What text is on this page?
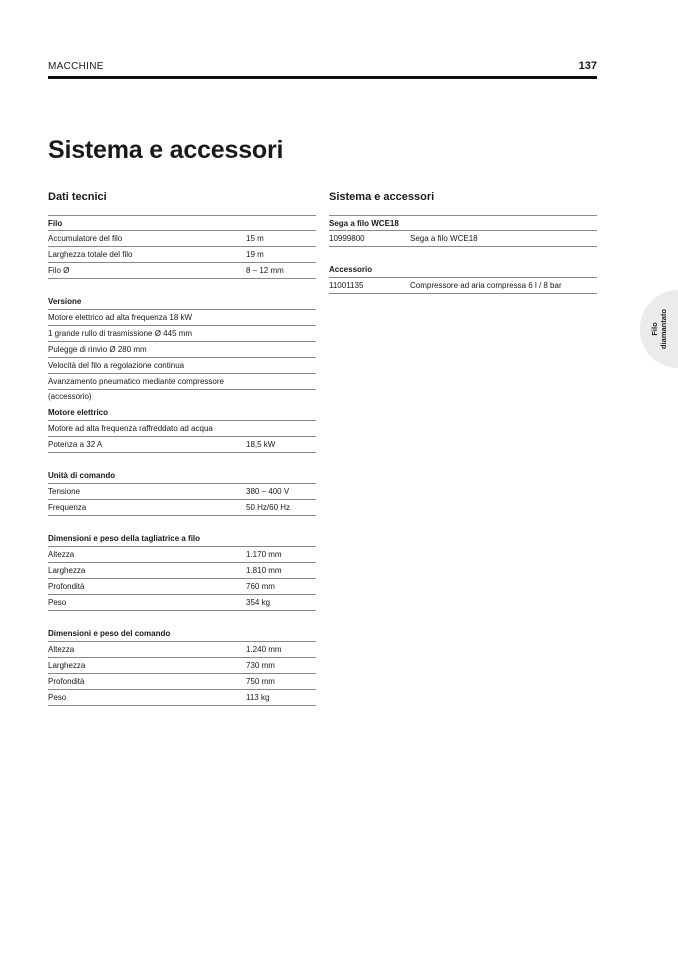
MACCHINE	137
Sistema e accessori
Dati tecnici
Filo
Accumulatore del filo	15 m
Larghezza totale del filo	19 m
Filo Ø	8 – 12 mm
Versione
Motore elettrico ad alta frequenza 18 kW
1 grande rullo di trasmissione Ø 445 mm
Pulegge di rinvio Ø 280 mm
Velocità del filo a regolazione continua
Avanzamento pneumatico mediante compressore (accessorio)
Motore elettrico
Motore ad alta frequenza raffreddato ad acqua
Potenza a 32 A	18,5 kW
Unità di comando
Tensione	380 – 400 V
Frequenza	50 Hz/60 Hz
Dimensioni e peso della tagliatrice a filo
Altezza	1.170 mm
Larghezza	1.810 mm
Profondità	760 mm
Peso	354 kg
Dimensioni e peso del comando
Altezza	1.240 mm
Larghezza	730 mm
Profondità	750 mm
Peso	113 kg
Sistema e accessori
Sega a filo WCE18
10999800	Sega a filo WCE18
Accessorio
11001135	Compressore ad aria compressa 6 l / 8 bar
Filo diamantato
